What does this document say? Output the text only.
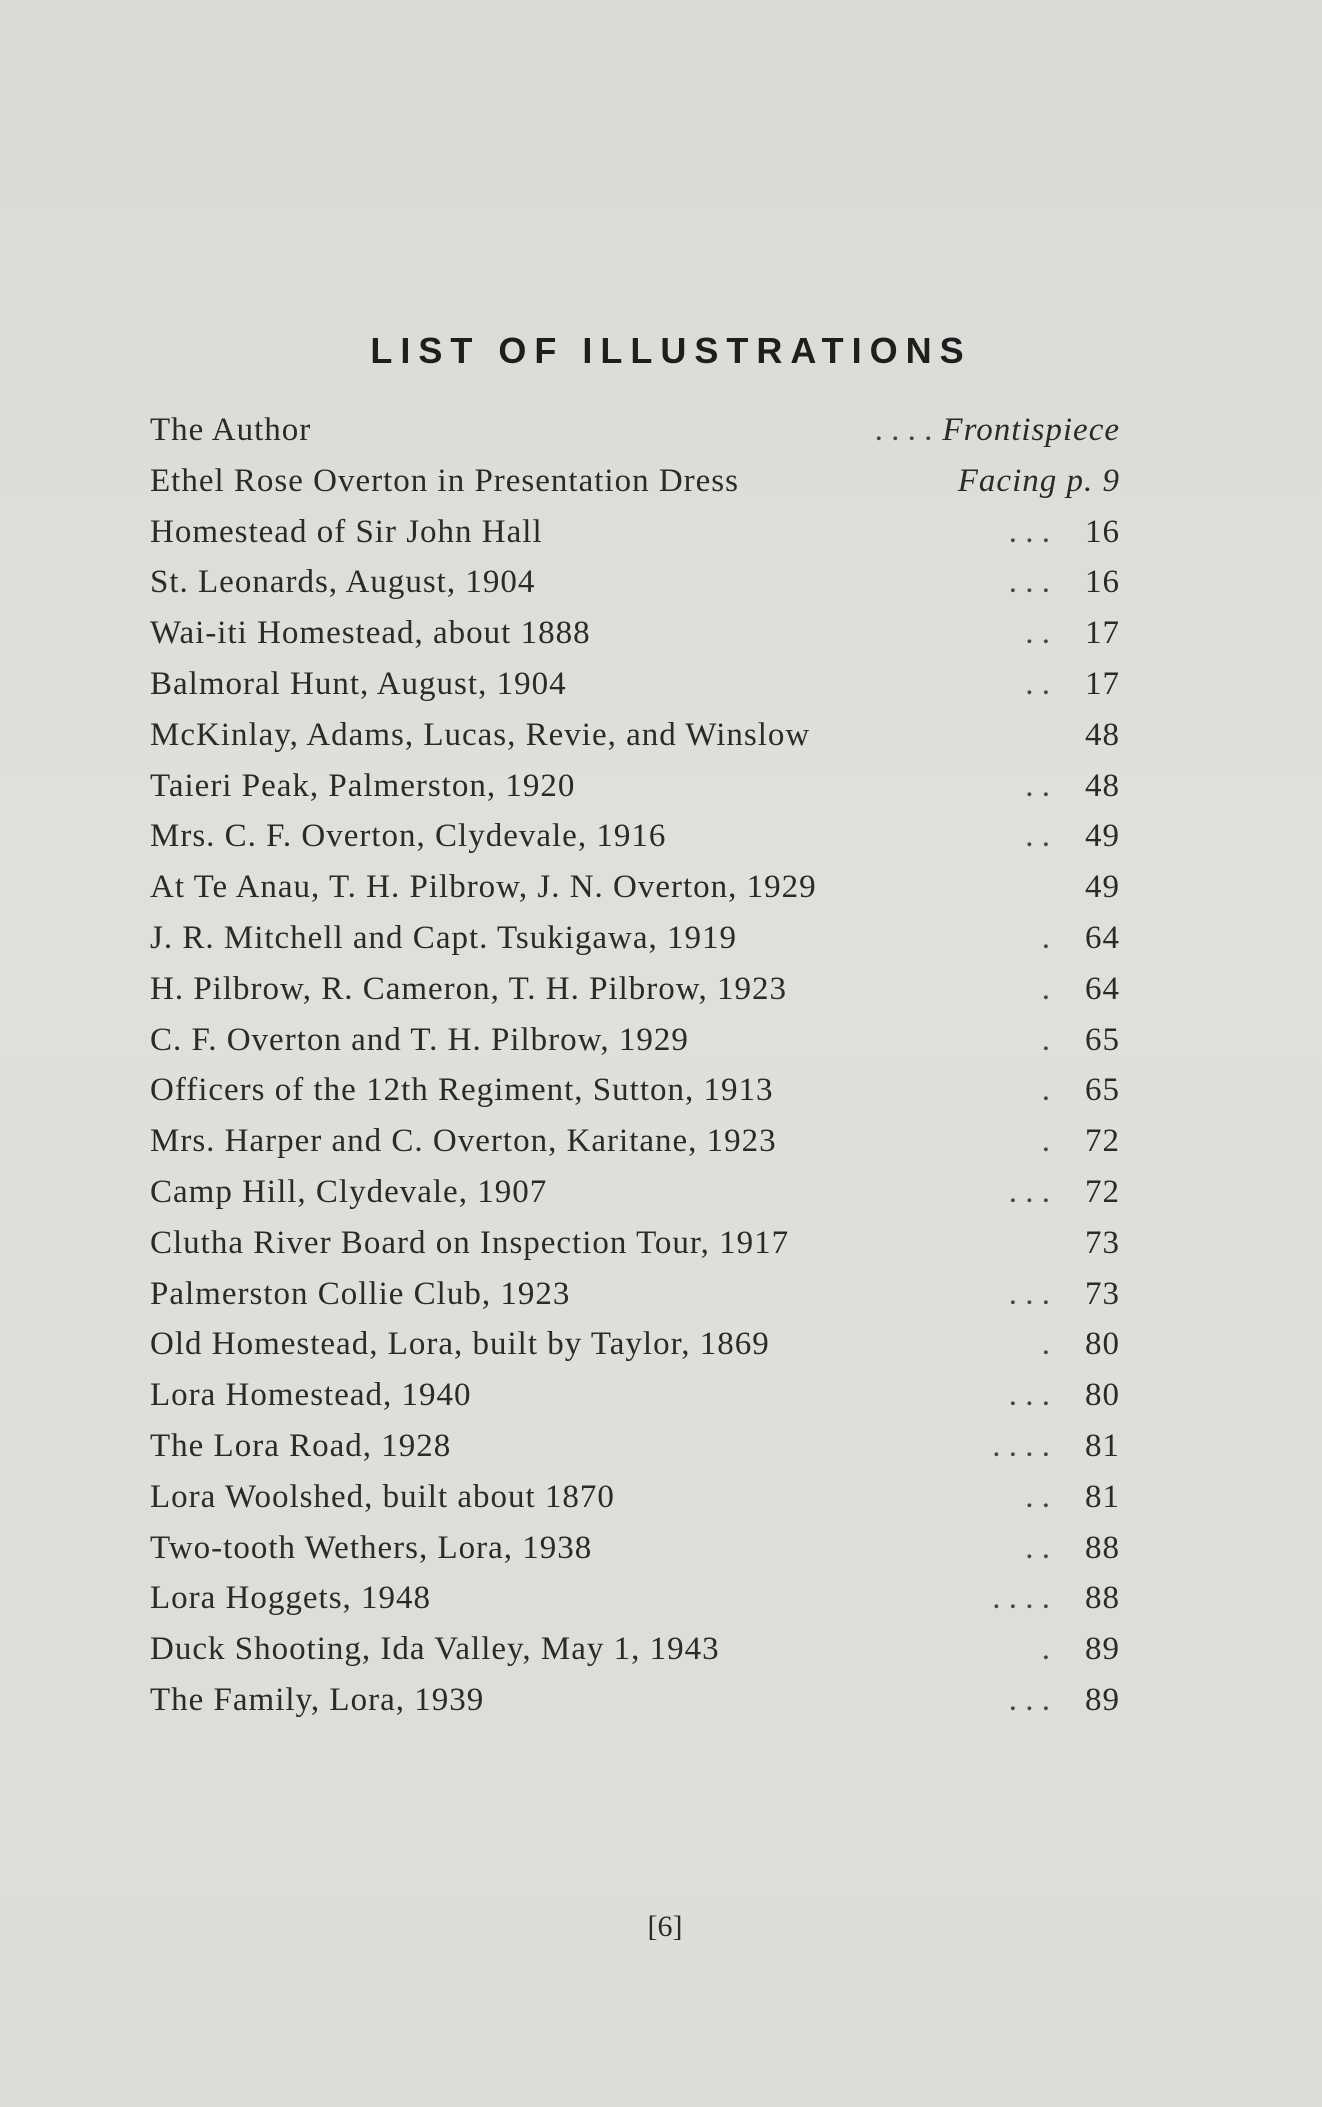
LIST OF ILLUSTRATIONS
The Author	. . . . Frontispiece
Ethel Rose Overton in Presentation Dress	Facing p. 9
Homestead of Sir John Hall	. . .	16
St. Leonards, August, 1904	. . .	16
Wai-iti Homestead, about 1888	. .	17
Balmoral Hunt, August, 1904	. .	17
McKinlay, Adams, Lucas, Revie, and Winslow	48
Taieri Peak, Palmerston, 1920	. .	48
Mrs. C. F. Overton, Clydevale, 1916	. .	49
At Te Anau, T. H. Pilbrow, J. N. Overton, 1929	49
J. R. Mitchell and Capt. Tsukigawa, 1919	.	64
H. Pilbrow, R. Cameron, T. H. Pilbrow, 1923	.	64
C. F. Overton and T. H. Pilbrow, 1929	.	65
Officers of the 12th Regiment, Sutton, 1913	.	65
Mrs. Harper and C. Overton, Karitane, 1923	.	72
Camp Hill, Clydevale, 1907	. . .	72
Clutha River Board on Inspection Tour, 1917	73
Palmerston Collie Club, 1923	. . .	73
Old Homestead, Lora, built by Taylor, 1869	.	80
Lora Homestead, 1940	. . .	80
The Lora Road, 1928	. . . .	81
Lora Woolshed, built about 1870	. .	81
Two-tooth Wethers, Lora, 1938	. .	88
Lora Hoggets, 1948	. . . .	88
Duck Shooting, Ida Valley, May 1, 1943	.	89
The Family, Lora, 1939	. . .	89
[6]
